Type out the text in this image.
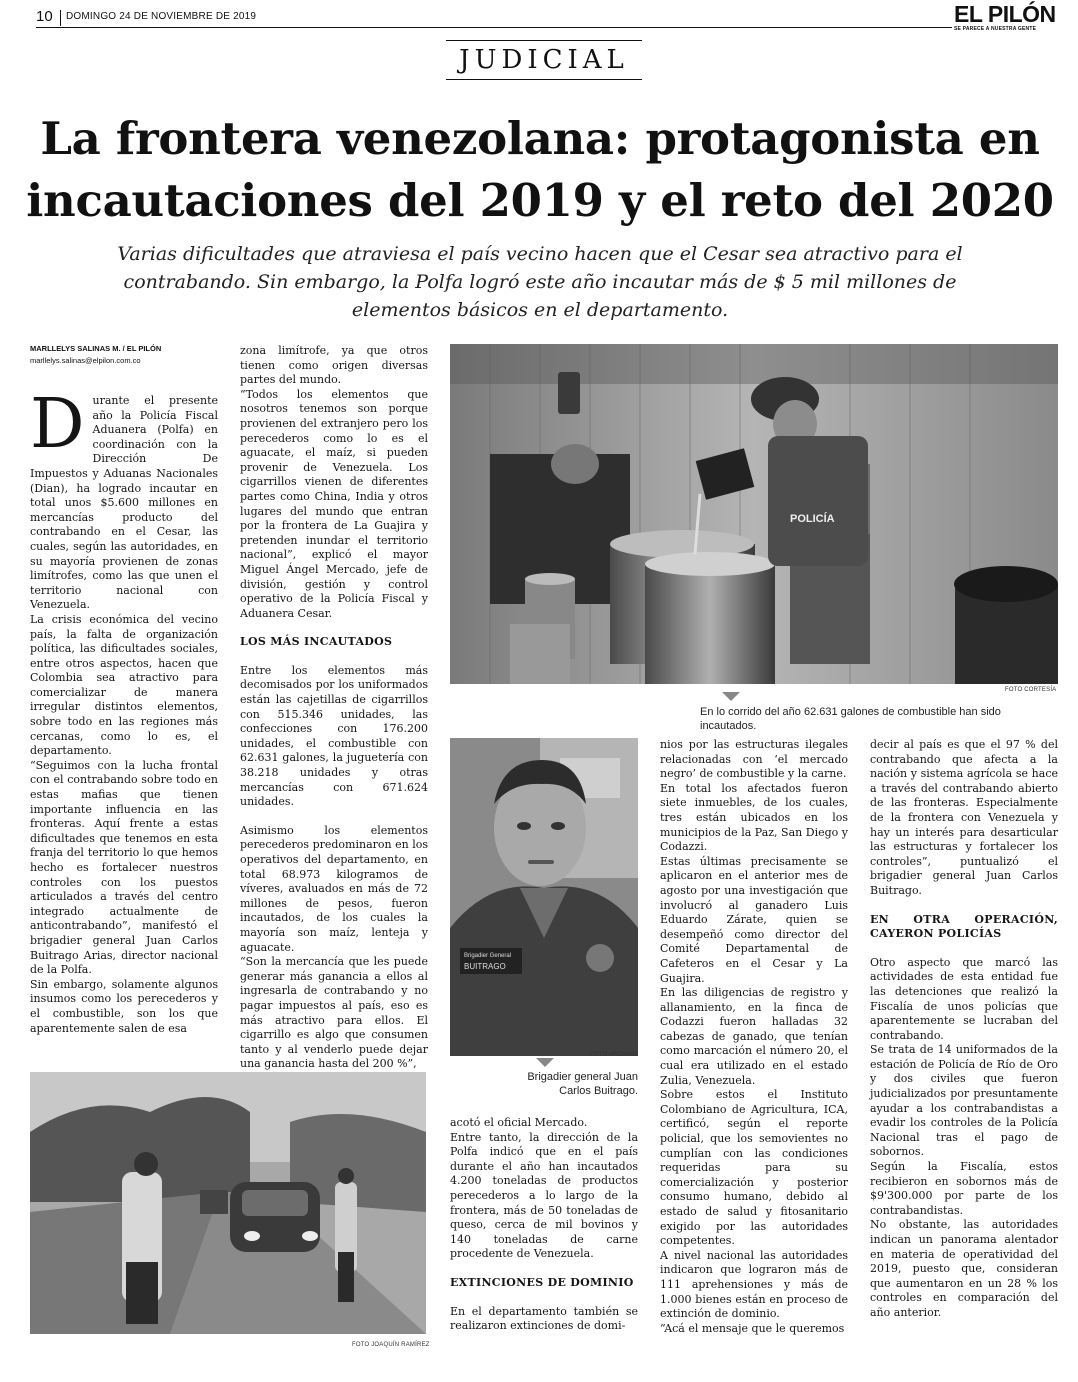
10 DOMINGO 24 DE NOVIEMBRE DE 2019	EL PILÓN
SE PARECE A NUESTRA GENTE
JUDICIAL
La frontera venezolana: protagonista en incautaciones del 2019 y el reto del 2020
Varias dificultades que atraviesa el país vecino hacen que el Cesar sea atractivo para el contrabando. Sin embargo, la Polfa logró este año incautar más de $ 5 mil millones de elementos básicos en el departamento.
MARLLELYS SALINAS M. / EL PILÓN
marllelys.salinas@elpilon.com.co
D urante el presente año la Policía Fiscal Aduanera (Polfa) en coordinación con la Dirección De Impuestos y Aduanas Nacionales (Dian), ha logrado incautar en total unos $5.600 millones en mercancías producto del contrabando en el Cesar, las cuales, según las autoridades, en su mayoría provienen de zonas limítrofes, como las que unen el territorio nacional con Venezuela.

La crisis económica del vecino país, la falta de organización política, las dificultades sociales, entre otros aspectos, hacen que Colombia sea atractivo para comercializar de manera irregular distintos elementos, sobre todo en las regiones más cercanas, como lo es, el departamento.

“Seguimos con la lucha frontal con el contrabando sobre todo en estas mafias que tienen importante influencia en las fronteras. Aquí frente a estas dificultades que tenemos en esta franja del territorio lo que hemos hecho es fortalecer nuestros controles con los puestos articulados a través del centro integrado actualmente de anticontrabando”, manifestó el brigadier general Juan Carlos Buitrago Arias, director nacional de la Polfa.

Sin embargo, solamente algunos insumos como los perecederos y el combustible, son los que aparentemente salen de esa

zona limítrofe, ya que otros tienen como origen diversas partes del mundo.

“Todos los elementos que nosotros tenemos son porque provienen del extranjero pero los perecederos como lo es el aguacate, el maíz, si pueden provenir de Venezuela. Los cigarrillos vienen de diferentes partes como China, India y otros lugares del mundo que entran por la frontera de La Guajira y pretenden inundar el territorio nacional”, explicó el mayor Miguel Ángel Mercado, jefe de división, gestión y control operativo de la Policía Fiscal y Aduanera Cesar.

LOS MÁS INCAUTADOS

Entre los elementos más decomisados por los uniformados están las cajetillas de cigarrillos con 515.346 unidades, las confecciones con 176.200 unidades, el combustible con 62.631 galones, la juguetería con 38.218 unidades y otras mercancías con 671.624 unidades.

Asimismo los elementos perecederos predominaron en los operativos del departamento, en total 68.973 kilogramos de víveres, avaluados en más de 72 millones de pesos, fueron incautados, de los cuales la mayoría son maíz, lenteja y aguacate.

“Son la mercancía que les puede generar más ganancia a ellos al ingresarla de contrabando y no pagar impuestos al país, eso es más atractivo para ellos. El cigarrillo es algo que consumen tanto y al venderlo puede dejar una ganancia hasta del 200 %”,

POLICÍA
FOTO CORTESÍA
En lo corrido del año 62.631 galones de combustible han sido incautados.
Brigadier General
BUITRAGO
FOTO ARCHIVO
Brigadier general Juan Carlos Buitrago.
FOTO JOAQUÍN RAMÍREZ

acotó el oficial Mercado.

Entre tanto, la dirección de la Polfa indicó que en el país durante el año han incautados 4.200 toneladas de productos perecederos a lo largo de la frontera, más de 50 toneladas de queso, cerca de mil bovinos y 140 toneladas de carne procedente de Venezuela.

EXTINCIONES DE DOMINIO

En el departamento también se realizaron extinciones de domi-

nios por las estructuras ilegales relacionadas con ‘el mercado negro’ de combustible y la carne.

En total los afectados fueron siete inmuebles, de los cuales, tres están ubicados en los municipios de la Paz, San Diego y Codazzi.

Estas últimas precisamente se aplicaron en el anterior mes de agosto por una investigación que involucró al ganadero Luis Eduardo Zárate, quien se desempeñó como director del Comité Departamental de Cafeteros en el Cesar y La Guajira.

En las diligencias de registro y allanamiento, en la finca de Codazzi fueron halladas 32 cabezas de ganado, que tenían como marcación el número 20, el cual era utilizado en el estado Zulia, Venezuela.

Sobre estos el Instituto Colombiano de Agricultura, ICA, certificó, según el reporte policial, que los semovientes no cumplían con las condiciones requeridas para su comercialización y posterior consumo humano, debido al estado de salud y fitosanitario exigido por las autoridades competentes.

A nivel nacional las autoridades indicaron que lograron más de 111 aprehensiones y más de 1.000 bienes están en proceso de extinción de dominio.

“Acá el mensaje que le queremos

decir al país es que el 97 % del contrabando que afecta a la nación y sistema agrícola se hace a través del contrabando abierto de las fronteras. Especialmente de la frontera con Venezuela y hay un interés para desarticular las estructuras y fortalecer los controles”, puntualizó el brigadier general Juan Carlos Buitrago.

EN OTRA OPERACIÓN, CAYERON POLICÍAS

Otro aspecto que marcó las actividades de esta entidad fue las detenciones que realizó la Fiscalía de unos policías que aparentemente se lucraban del contrabando.

Se trata de 14 uniformados de la estación de Policía de Río de Oro y dos civiles que fueron judicializados por presuntamente ayudar a los contrabandistas a evadir los controles de la Policía Nacional tras el pago de sobornos.

Según la Fiscalía, estos recibieron en sobornos más de $9'300.000 por parte de los contrabandistas.

No obstante, las autoridades indican un panorama alentador en materia de operatividad del 2019, puesto que, consideran que aumentaron en un 28 % los controles en comparación del año anterior.
